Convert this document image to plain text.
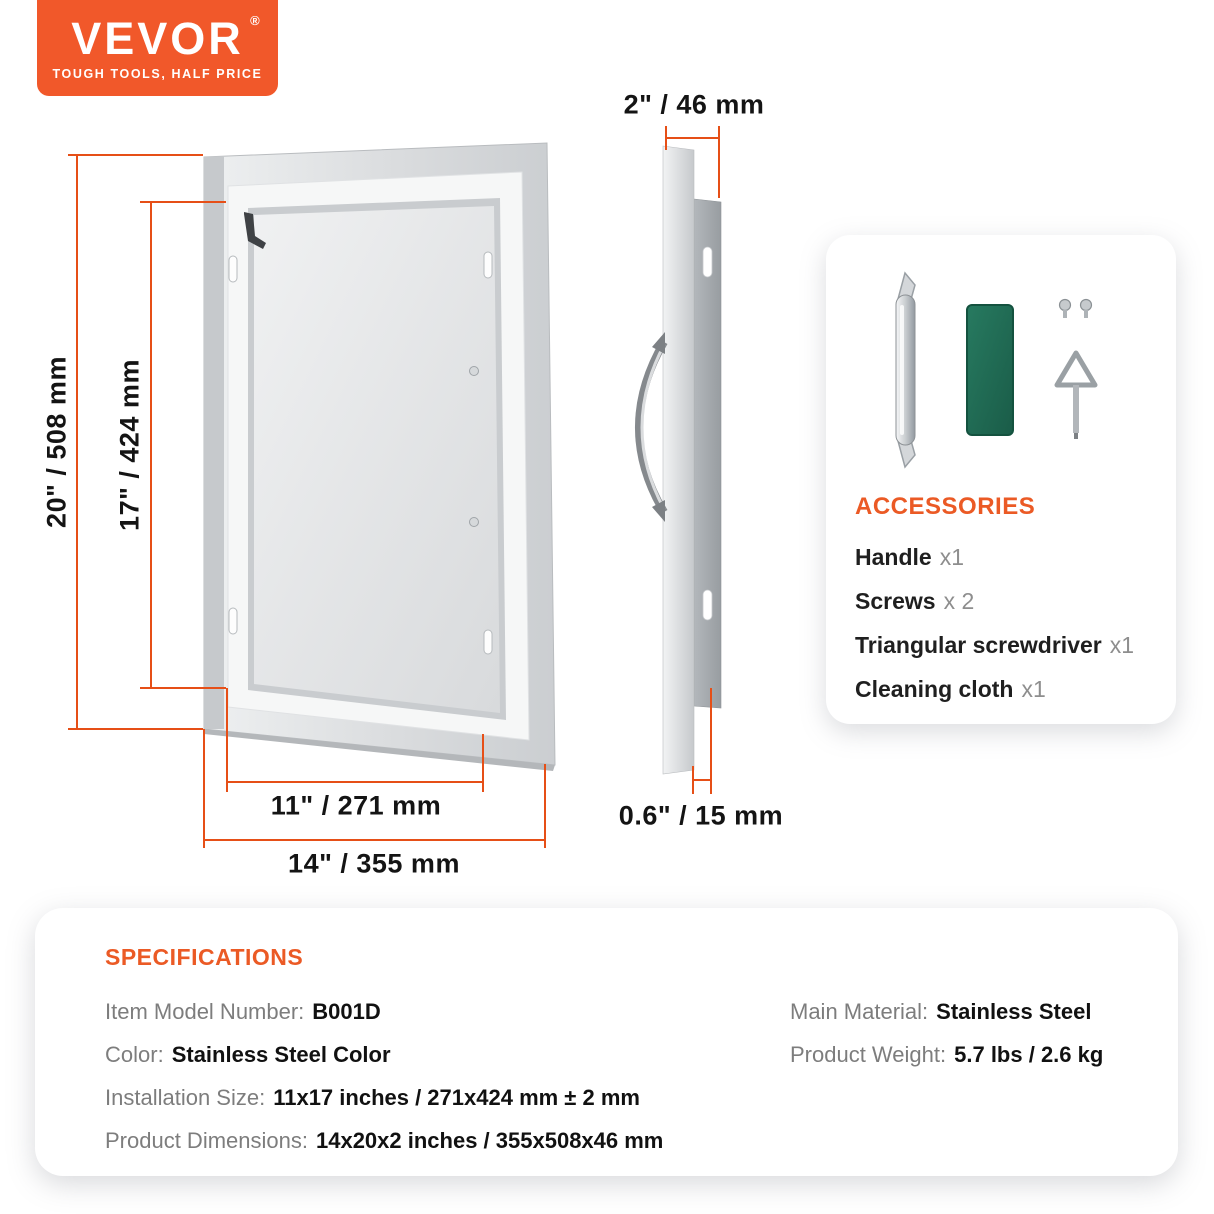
VEVOR ®
TOUGH TOOLS, HALF PRICE
20" / 508 mm 17" / 424 mm
2" / 46 mm
11" / 271 mm
14" / 355 mm
0.6" / 15 mm
ACCESSORIES
Handle x1
Screws x 2
Triangular screwdriver x1
Cleaning cloth x1
SPECIFICATIONS
Item Model Number: B001D
Color: Stainless Steel Color
Installation Size: 11x17 inches / 271x424 mm ± 2 mm
Product Dimensions: 14x20x2 inches / 355x508x46 mm
Main Material: Stainless Steel
Product Weight: 5.7 lbs / 2.6 kg
